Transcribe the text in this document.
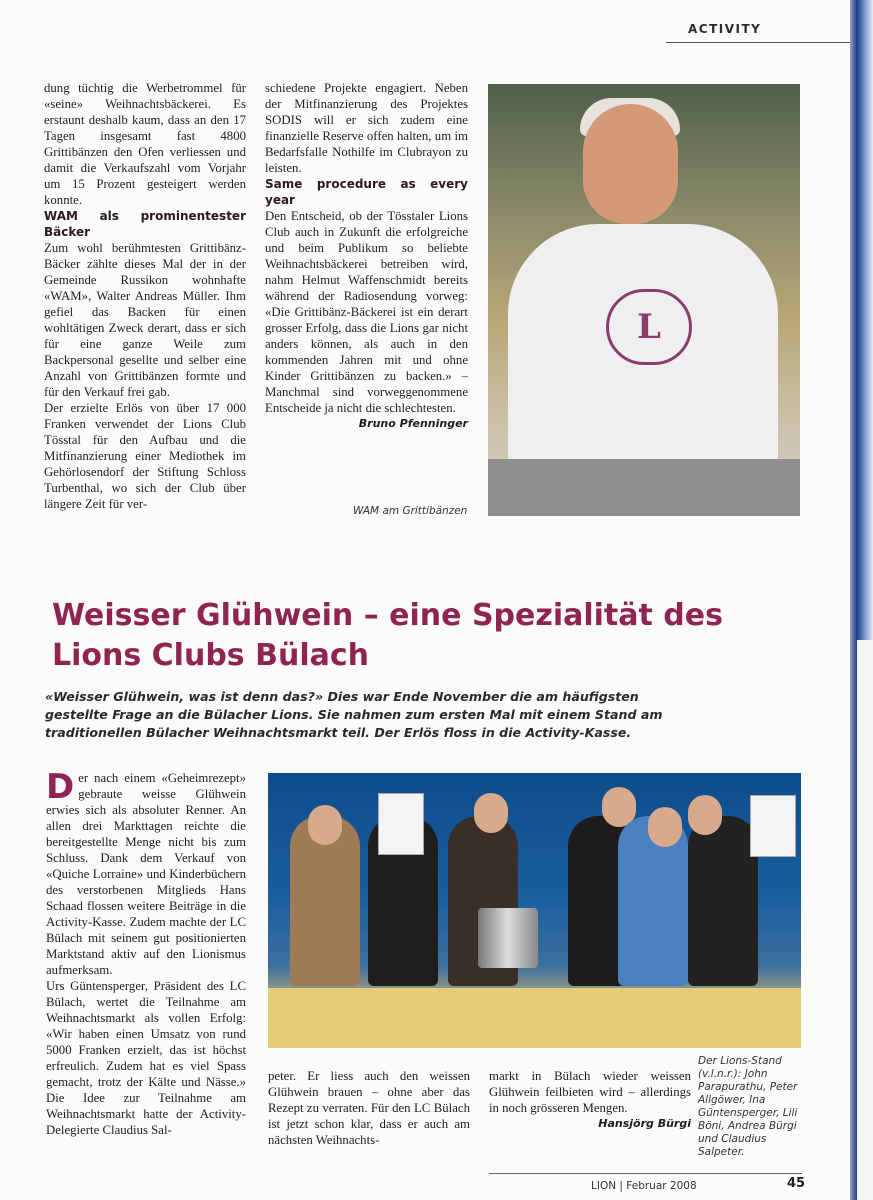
ACTIVITY

dung tüchtig die Werbetrommel für «seine» Weihnachtsbäckerei. Es erstaunt deshalb kaum, dass an den 17 Tagen insgesamt fast 4800 Grittibänzen den Ofen verliessen und damit die Verkaufszahl vom Vorjahr um 15 Prozent gesteigert werden konnte.

WAM als prominentester Bäcker

Zum wohl berühmtesten Grittibänz-Bäcker zählte dieses Mal der in der Gemeinde Russikon wohnhafte «WAM», Walter Andreas Müller. Ihm gefiel das Backen für einen wohltätigen Zweck derart, dass er sich für eine ganze Weile zum Backpersonal gesellte und selber eine Anzahl von Grittibänzen formte und für den Verkauf frei gab.

Der erzielte Erlös von über 17 000 Franken verwendet der Lions Club Tösstal für den Aufbau und die Mitfinanzierung einer Mediothek im Gehörlosendorf der Stiftung Schloss Turbenthal, wo sich der Club über längere Zeit für ver-

schiedene Projekte engagiert. Neben der Mitfinanzierung des Projektes SODIS will er sich zudem eine finanzielle Reserve offen halten, um im Bedarfsfalle Nothilfe im Clubrayon zu leisten.

Same procedure as every year

Den Entscheid, ob der Tösstaler Lions Club auch in Zukunft die erfolgreiche und beim Publikum so beliebte Weihnachtsbäckerei betreiben wird, nahm Helmut Waffenschmidt bereits während der Radiosendung vorweg: «Die Grittibänz-Bäckerei ist ein derart grosser Erfolg, dass die Lions gar nicht anders können, als auch in den kommenden Jahren mit und ohne Kinder Grittibänzen zu backen.» – Manchmal sind vorweggenommene Entscheide ja nicht die schlechtesten.

Bruno Pfenninger

L
WAM am Grittibänzen
Weisser Glühwein – eine Spezialität des Lions Clubs Bülach
«Weisser Glühwein, was ist denn das?» Dies war Ende November die am häufigsten gestellte Frage an die Bülacher Lions. Sie nahmen zum ersten Mal mit einem Stand am traditionellen Bülacher Weihnachtsmarkt teil. Der Erlös floss in die Activity-Kasse.
D er nach einem «Geheimrezept» gebraute weisse Glühwein erwies sich als absoluter Renner. An allen drei Markttagen reichte die bereitgestellte Menge nicht bis zum Schluss. Dank dem Verkauf von «Quiche Lorraine» und Kinderbüchern des verstorbenen Mitglieds Hans Schaad flossen weitere Beiträge in die Activity-Kasse. Zudem machte der LC Bülach mit seinem gut positionierten Marktstand aktiv auf den Lionismus aufmerksam.

Urs Güntensperger, Präsident des LC Bülach, wertet die Teilnahme am Weihnachtsmarkt als vollen Erfolg: «Wir haben einen Umsatz von rund 5000 Franken erzielt, das ist höchst erfreulich. Zudem hat es viel Spass gemacht, trotz der Kälte und Nässe.» Die Idee zur Teilnahme am Weihnachtsmarkt hatte der Activity-Delegierte Claudius Sal-

peter. Er liess auch den weissen Glühwein brauen – ohne aber das Rezept zu verraten. Für den LC Bülach ist jetzt schon klar, dass er auch am nächsten Weihnachts-

markt in Bülach wieder weissen Glühwein feilbieten wird – allerdings in noch grösseren Mengen.

Hansjörg Bürgi

Der Lions-Stand (v.l.n.r.): John Parapurathu, Peter Allgöwer, Ina Güntensperger, Lili Böni, Andrea Bürgi und Claudius Salpeter.
LION | Februar 2008	45
